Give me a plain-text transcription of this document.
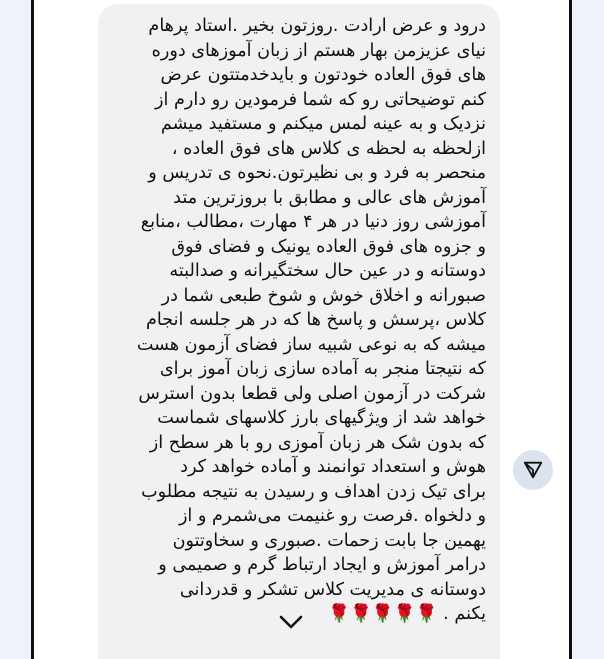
درود و عرض ارادت .روزتون بخیر .استاد پرهام
نیای عزیزمن بهار هستم از زبان آموزهای دوره
های فوق العاده خودتون و بایدخدمتتون عرض
کنم توضیحاتی رو که شما فرمودین رو دارم از
نزدیک و به عینه لمس میکنم و مستفید میشم
ازلحظه به لحظه ی کلاس های فوق العاده ،
منحصر به فرد و بی نظیرتون.نحوه ی تدریس و
آموزش های عالی و مطابق با بروزترین متد
آموزشی روز دنیا در هر ۴ مهارت ،مطالب ،منابع
و جزوه های فوق العاده یونیک و فضای فوق
دوستانه و در عین حال سختگیرانه و صدالبته
صبورانه و اخلاق خوش و شوخ طبعی شما در
کلاس ،پرسش و پاسخ ها که در هر جلسه انجام
میشه که به نوعی شبیه ساز فضای آزمون هست
که نتیجتا منجر به آماده سازی زبان آموز برای
شرکت در آزمون اصلی ولی قطعا بدون استرس
خواهد شد از ویژگیهای بارز کلاسهای شماست
که بدون شک هر زبان آموزی رو با هر سطح از
هوش و استعداد توانمند و آماده خواهد کرد
برای تیک زدن اهداف و رسیدن به نتیجه مطلوب
و دلخواه .فرصت رو غنیمت می‌شمرم و از
یهمین جا بابت زحمات .صبوری و سخاوتتون
درامر آموزش و ایجاد ارتباط گرم و صمیمی و
دوستانه ی مدیریت کلاس تشکر و قدردانی
یکنم . 🌹🌹🌹🌹🌹
